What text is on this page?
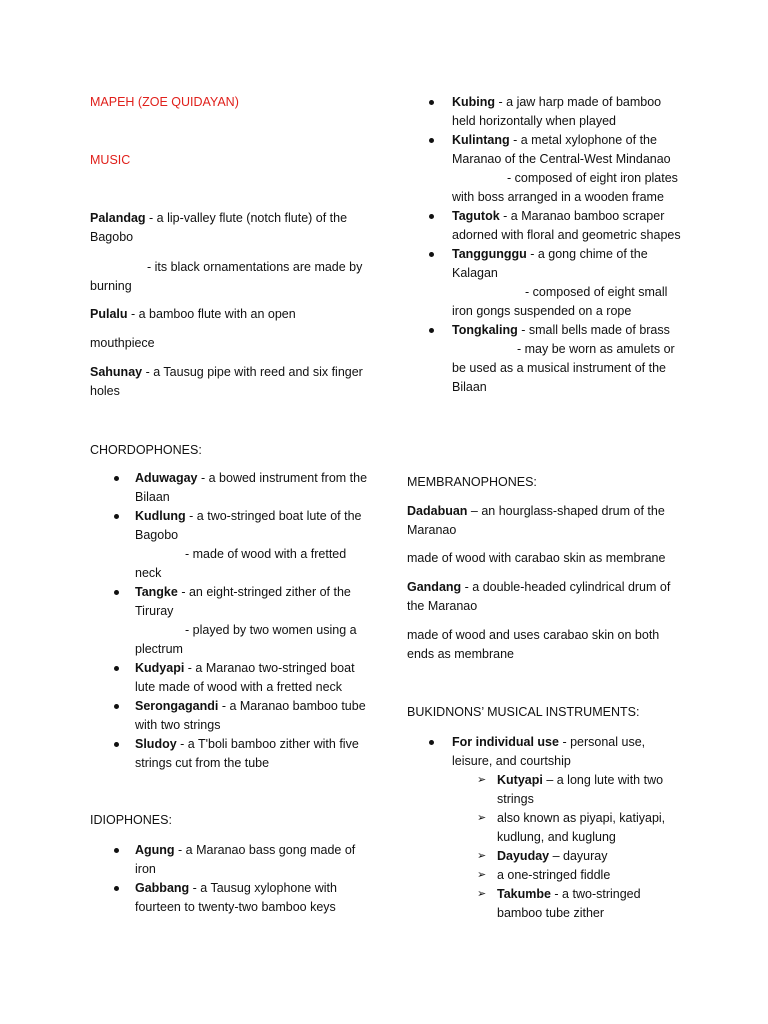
MAPEH (ZOE QUIDAYAN)

MUSIC

Palandag - a lip-valley flute (notch flute) of the Bagobo

- its black ornamentations are made by burning

Pulalu - a bamboo flute with an open

mouthpiece

Sahunay - a Tausug pipe with reed and six finger holes

CHORDOPHONES:

Aduwagay - a bowed instrument from the Bilaan
Kudlung - a two-stringed boat lute of the Bagobo
- made of wood with a fretted neck
Tangke - an eight-stringed zither of the Tiruray
- played by two women using a plectrum
Kudyapi - a Maranao two-stringed boat lute made of wood with a fretted neck
Serongagandi - a Maranao bamboo tube with two strings
Sludoy - a T'boli bamboo zither with five strings cut from the tube

IDIOPHONES:

Agung - a Maranao bass gong made of iron
Gabbang - a Tausug xylophone with fourteen to twenty-two bamboo keys
Kubing - a jaw harp made of bamboo held horizontally when played
Kulintang - a metal xylophone of the Maranao of the Central-West Mindanao
- composed of eight iron plates with boss arranged in a wooden frame
Tagutok - a Maranao bamboo scraper adorned with floral and geometric shapes
Tanggunggu - a gong chime of the Kalagan
- composed of eight small iron gongs suspended on a rope
Tongkaling - small bells made of brass
- may be worn as amulets or be used as a musical instrument of the Bilaan

MEMBRANOPHONES:

Dadabuan – an hourglass-shaped drum of the Maranao

made of wood with carabao skin as membrane

Gandang - a double-headed cylindrical drum of the Maranao

made of wood and uses carabao skin on both ends as membrane

BUKIDNONS’ MUSICAL INSTRUMENTS:

For individual use - personal use, leisure, and courtship
➢ Kutyapi – a long lute with two strings
➢ also known as piyapi, katiyapi, kudlung, and kuglung
➢ Dayuday – dayuray
➢ a one-stringed fiddle
➢ Takumbe - a two-stringed bamboo tube zither
